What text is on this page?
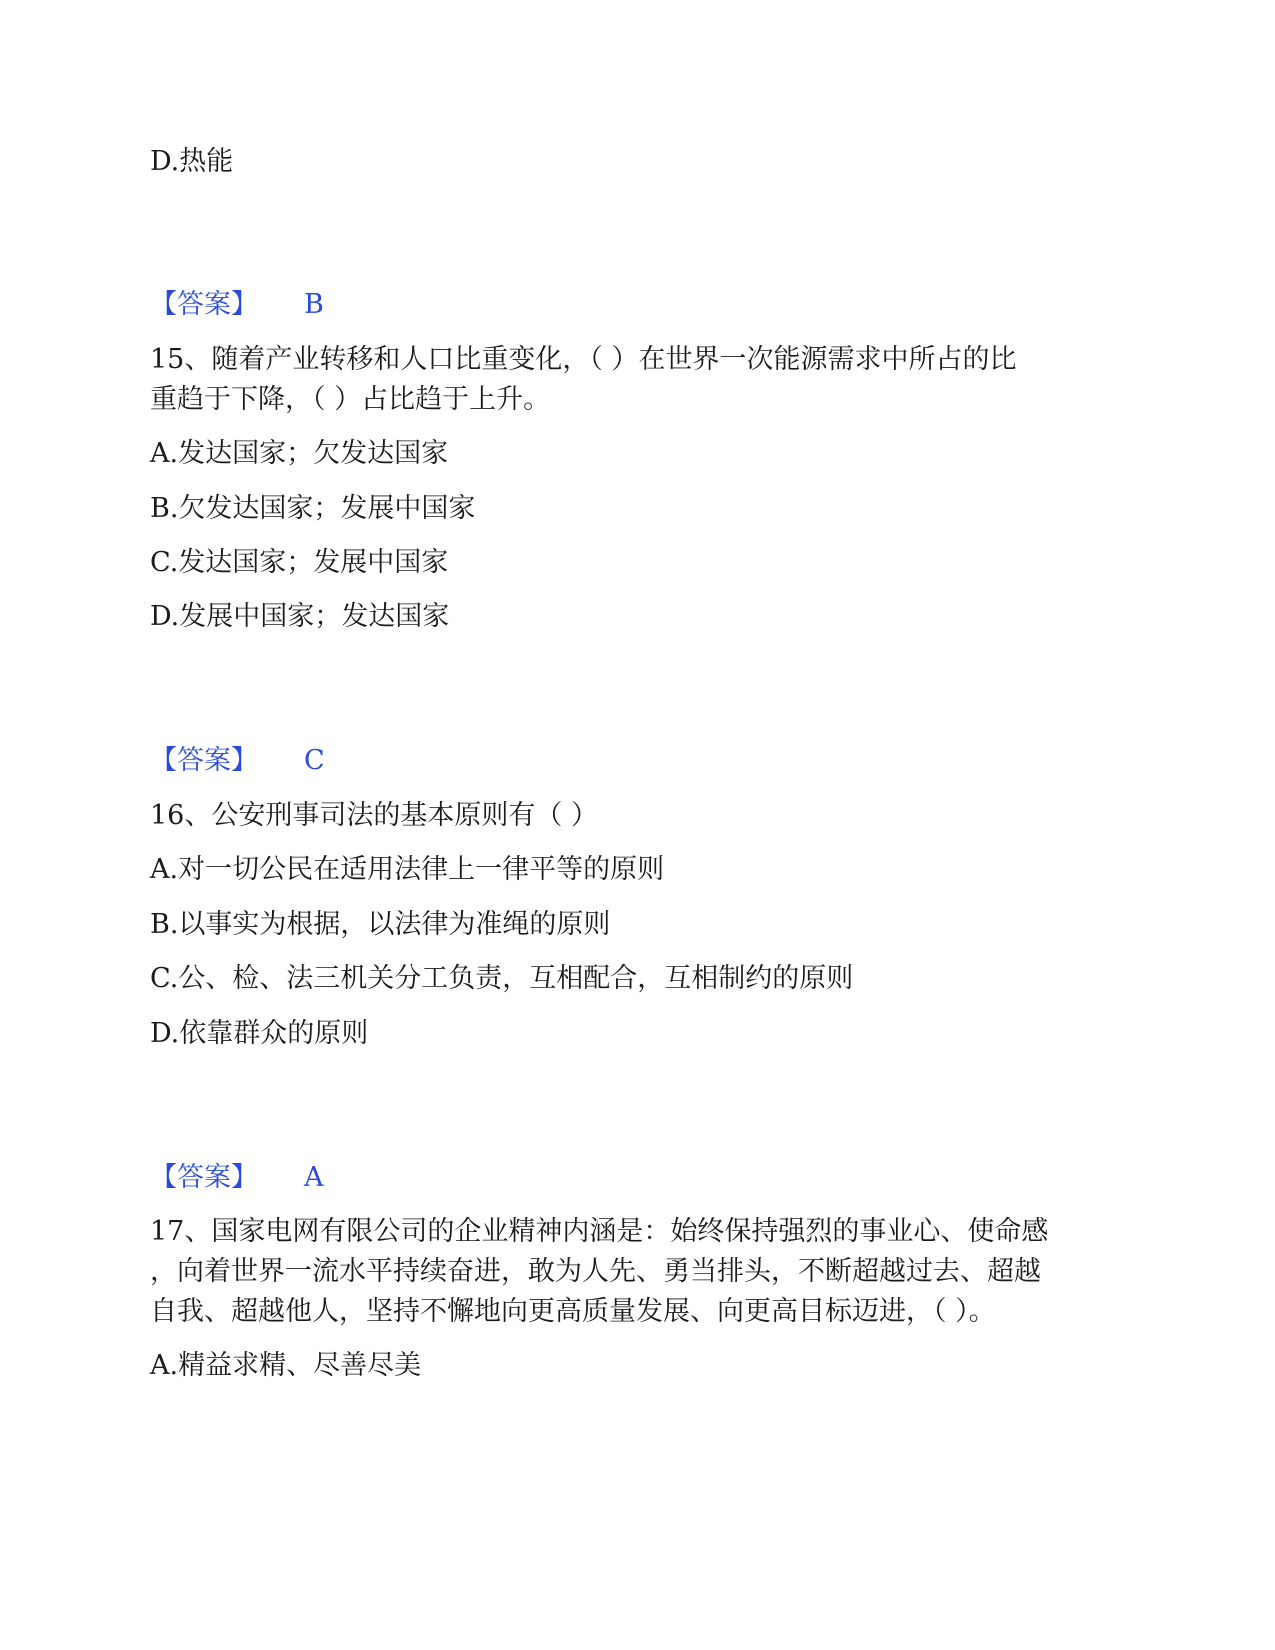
D.热能
【答案】 B
15、随着产业转移和人口比重变化，（ ）在世界一次能源需求中所占的比
重趋于下降，（ ）占比趋于上升。
A.发达国家；欠发达国家
B.欠发达国家；发展中国家
C.发达国家；发展中国家
D.发展中国家；发达国家
【答案】 C
16、公安刑事司法的基本原则有（ ）
A.对一切公民在适用法律上一律平等的原则
B.以事实为根据，以法律为准绳的原则
C.公、检、法三机关分工负责，互相配合，互相制约的原则
D.依靠群众的原则
【答案】 A
17、国家电网有限公司的企业精神内涵是：始终保持强烈的事业心、使命感
，向着世界一流水平持续奋进，敢为人先、勇当排头，不断超越过去、超越
自我、超越他人，坚持不懈地向更高质量发展、向更高目标迈进，（ ）。
A.精益求精、尽善尽美
